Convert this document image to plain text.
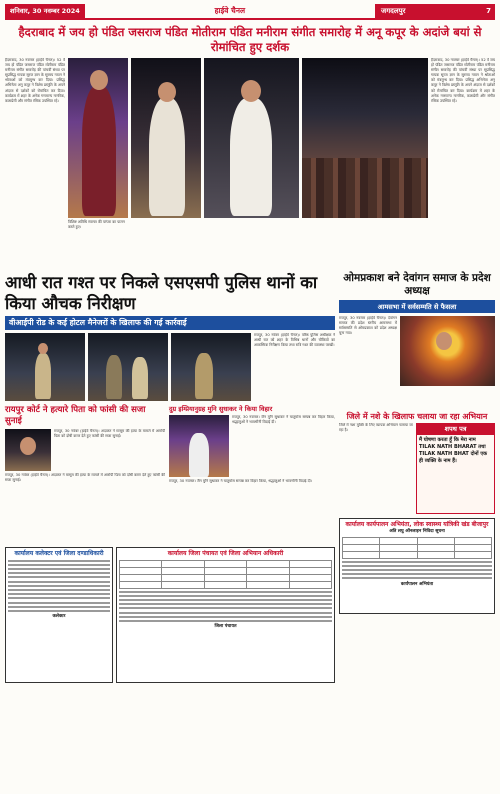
शनिवार, 30 नवम्बर 2024	हाईवे चैनल	जगदलपुर	7
हैदराबाद में जय हो पंडित जसराज पंडित मोतीराम पंडित मनीराम संगीत समारोह में अनू कपूर के अदांजे बयां से रोमांचित हुए दर्शक
हैदराबाद, 30 नवम्बर (हाईवे चैनल)। 52 वें जय हो पंडित जसराज पंडित मोतीराम पंडित मनीराम संगीत समारोह की पांचवीं संध्या पर सुप्रसिद्ध गायक सूरज ज्ञान के सुरमय गायन ने श्रोताओं को मंत्रमुग्ध कर दिया। प्रसिद्ध अभिनेता अनू कपूर ने विशेष प्रस्तुति के अपने अंदाज से दर्शकों को रोमांचित कर दिया। कार्यक्रम में शहर के अनेक गणमान्य नागरिक, कलाप्रेमी और संगीत रसिक उपस्थित रहे।
विशिष्ट अतिथि स्वागत की परंपरा का पालन करते हुए।
हैदराबाद, 30 नवम्बर (हाईवे चैनल)। 52 वें जय हो पंडित जसराज पंडित मोतीराम पंडित मनीराम संगीत समारोह की पांचवीं संध्या पर सुप्रसिद्ध गायक सूरज ज्ञान के सुरमय गायन ने श्रोताओं को मंत्रमुग्ध कर दिया। प्रसिद्ध अभिनेता अनू कपूर ने विशेष प्रस्तुति के अपने अंदाज से दर्शकों को रोमांचित कर दिया। कार्यक्रम में शहर के अनेक गणमान्य नागरिक, कलाप्रेमी और संगीत रसिक उपस्थित रहे।
आधी रात गश्त पर निकले एसएसपी पुलिस थानों का किया औचक निरीक्षण
वीआईपी रोड के कई होटल मैनेजरों के खिलाफ की गई कार्रवाई
रायपुर, 30 नवंबर (हाईवे चैनल)। वरिष्ठ पुलिस अधीक्षक ने आधी रात को शहर के विभिन्न थानों और चौकियों का आकस्मिक निरीक्षण किया तथा रात्रि गश्त की व्यवस्था परखी।
रायपुर कोर्ट ने हत्यारे पिता को फांसी की सजा सुनाई
रायपुर, 30 नवंबर (हाईवे चैनल)। अदालत ने मासूम की हत्या के मामले में आरोपी पिता को दोषी करार देते हुए फांसी की सजा सुनाई।
रायपुर, 30 नवंबर (हाईवे चैनल)। अदालत ने मासूम की हत्या के मामले में आरोपी पिता को दोषी करार देते हुए फांसी की सजा सुनाई।
दुग्र इम्प्रियानुग्रह मुनि सुधाकर ने किया विहार
रायपुर, 30 नवम्बर। जैन मुनि सुधाकर ने चातुर्मास सम्पन्न कर विहार किया, श्रद्धालुओं ने भावभीनी विदाई दी।
रायपुर, 30 नवम्बर। जैन मुनि सुधाकर ने चातुर्मास सम्पन्न कर विहार किया, श्रद्धालुओं ने भावभीनी विदाई दी।
कार्यालय कलेक्टर एवं जिला दण्डाधिकारी
कलेक्टर
कार्यालय जिला पंचायत एवं जिला अभियान अधिकारी

जिला पंचायत
ओमप्रकाश बने देवांगन समाज के प्रदेश अध्यक्ष
आमसभा में सर्वसम्मति से फैसला
रायपुर, 30 नवम्बर (हाईवे चैनल)। देवांगन समाज की प्रदेश स्तरीय आमसभा में सर्वसम्मति से ओमप्रकाश को प्रदेश अध्यक्ष चुना गया।
जिले में नशे के खिलाफ चलाया जा रहा अभियान
जिले में नशा मुक्ति के लिए व्यापक अभियान चलाया जा रहा है।	शपथ पत्र
मैं घोषणा करता हूँ कि मेरा नाम TILAK NATH BHARAT तथा TILAK NATH BHAT दोनों एक ही व्यक्ति के नाम हैं।
कार्यालय कार्यपालन अभियंता, लोक स्वास्थ्य यांत्रिकी खंड बीजापुर
अति लघु ऑनलाइन निविदा सूचना

कार्यपालन अभियंता
